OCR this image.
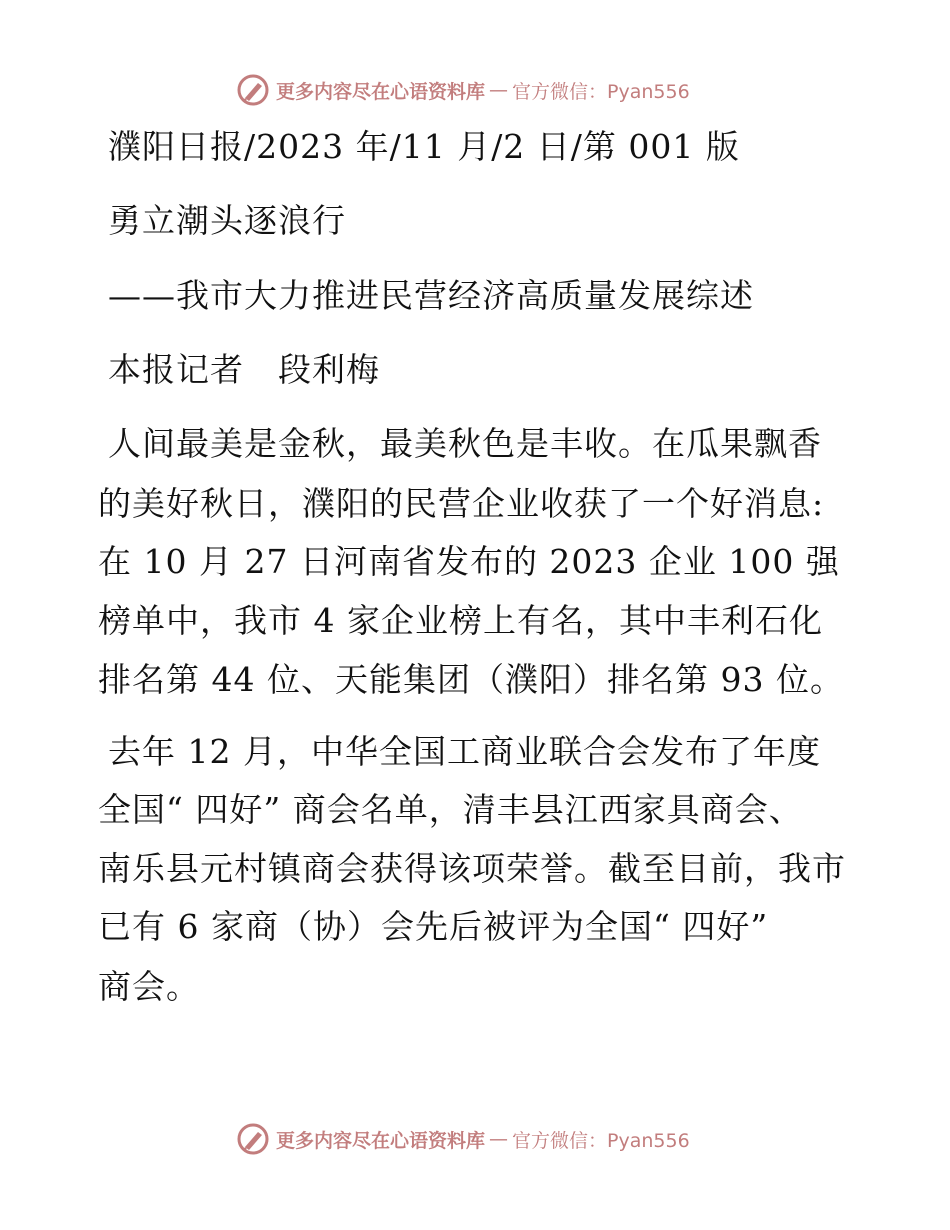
更多内容尽在心语资料库 — 官方微信：Pyan556

濮阳日报/2023 年/11 月/2 日/第 001 版

勇立潮头逐浪行

——我市大力推进民营经济高质量发展综述

本报记者　段利梅

人间最美是金秋，最美秋色是丰收。在瓜果飘香

的美好秋日，濮阳的民营企业收获了一个好消息:

在 10 月 27 日河南省发布的 2023 企业 100 强

榜单中，我市 4 家企业榜上有名，其中丰利石化

排名第 44 位、天能集团（濮阳）排名第 93 位。

去年 12 月，中华全国工商业联合会发布了年度

全国“ 四好” 商会名单，清丰县江西家具商会、

南乐县元村镇商会获得该项荣誉。截至目前，我市

已有 6 家商（协）会先后被评为全国“ 四好”

商会。

更多内容尽在心语资料库 — 官方微信：Pyan556
